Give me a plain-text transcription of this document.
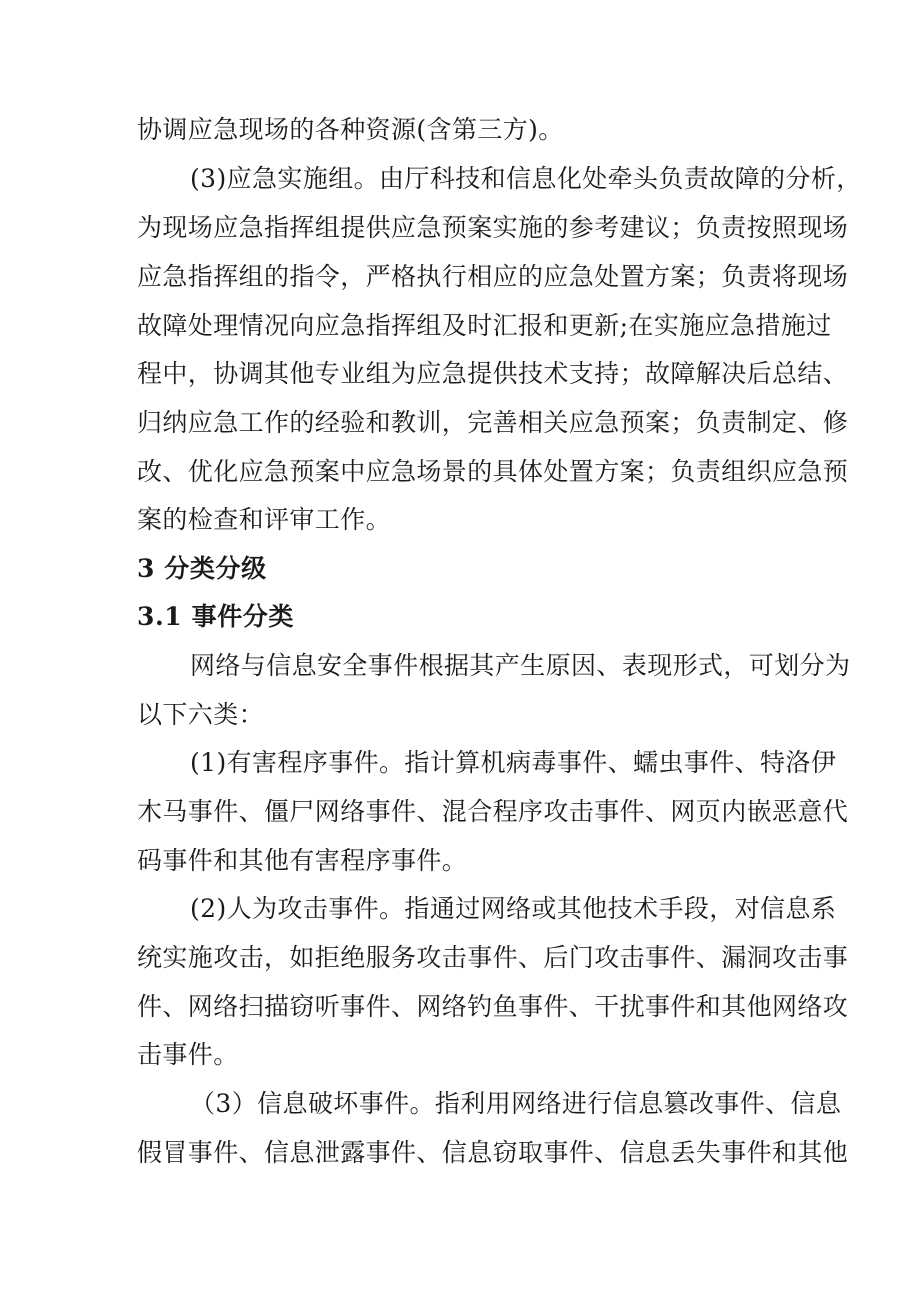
协调应急现场的各种资源(含第三方)。

(3)应急实施组。由厅科技和信息化处牵头负责故障的分析，

为现场应急指挥组提供应急预案实施的参考建议；负责按照现场

应急指挥组的指令，严格执行相应的应急处置方案；负责将现场

故障处理情况向应急指挥组及时汇报和更新;在实施应急措施过

程中，协调其他专业组为应急提供技术支持；故障解决后总结、

归纳应急工作的经验和教训，完善相关应急预案；负责制定、修

改、优化应急预案中应急场景的具体处置方案；负责组织应急预

案的检查和评审工作。

3 分类分级
3.1 事件分类

网络与信息安全事件根据其产生原因、表现形式，可划分为

以下六类：

(1)有害程序事件。指计算机病毒事件、蠕虫事件、特洛伊

木马事件、僵尸网络事件、混合程序攻击事件、网页内嵌恶意代

码事件和其他有害程序事件。

(2)人为攻击事件。指通过网络或其他技术手段，对信息系

统实施攻击，如拒绝服务攻击事件、后门攻击事件、漏洞攻击事

件、网络扫描窃听事件、网络钓鱼事件、干扰事件和其他网络攻

击事件。

（3）信息破坏事件。指利用网络进行信息篡改事件、信息

假冒事件、信息泄露事件、信息窃取事件、信息丢失事件和其他
